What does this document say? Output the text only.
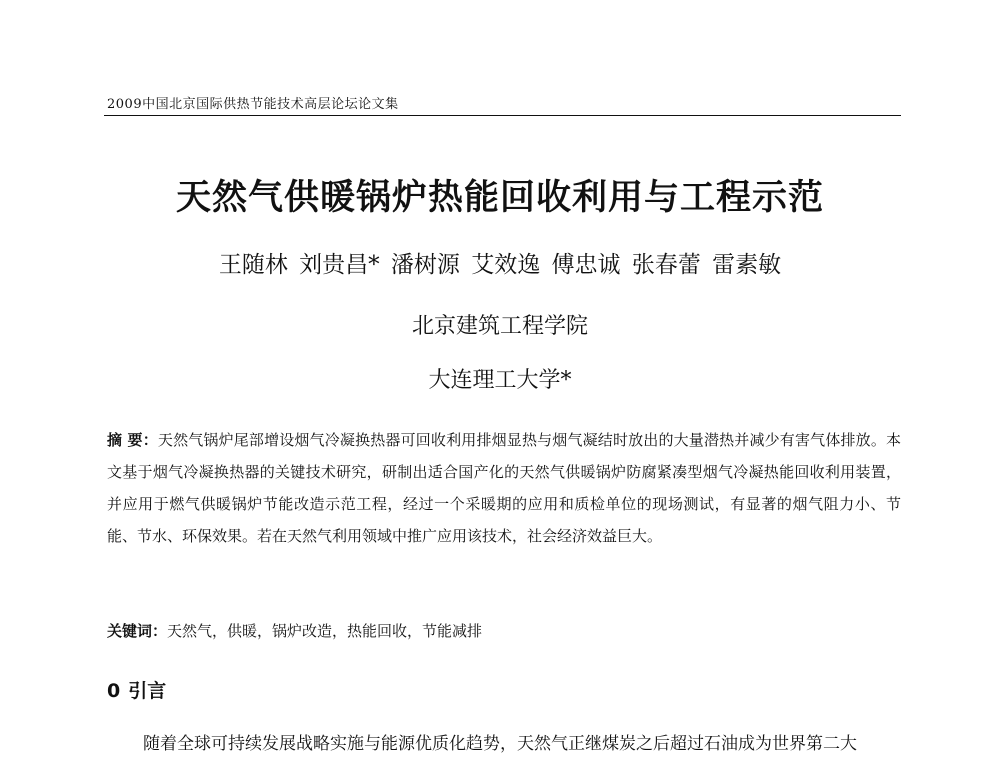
2009中国北京国际供热节能技术高层论坛论文集
天然气供暖锅炉热能回收利用与工程示范
王随林 刘贵昌* 潘树源 艾效逸 傅忠诚 张春蕾 雷素敏
北京建筑工程学院
大连理工大学*
摘 要：天然气锅炉尾部增设烟气冷凝换热器可回收利用排烟显热与烟气凝结时放出的大量潜热并减少有害气体排放。本文基于烟气冷凝换热器的关键技术研究，研制出适合国产化的天然气供暖锅炉防腐紧凑型烟气冷凝热能回收利用装置，并应用于燃气供暖锅炉节能改造示范工程，经过一个采暖期的应用和质检单位的现场测试，有显著的烟气阻力小、节能、节水、环保效果。若在天然气利用领域中推广应用该技术，社会经济效益巨大。
关键词：天然气，供暖，锅炉改造，热能回收，节能减排
0 引言
随着全球可持续发展战略实施与能源优质化趋势，天然气正继煤炭之后超过石油成为世界第二大
